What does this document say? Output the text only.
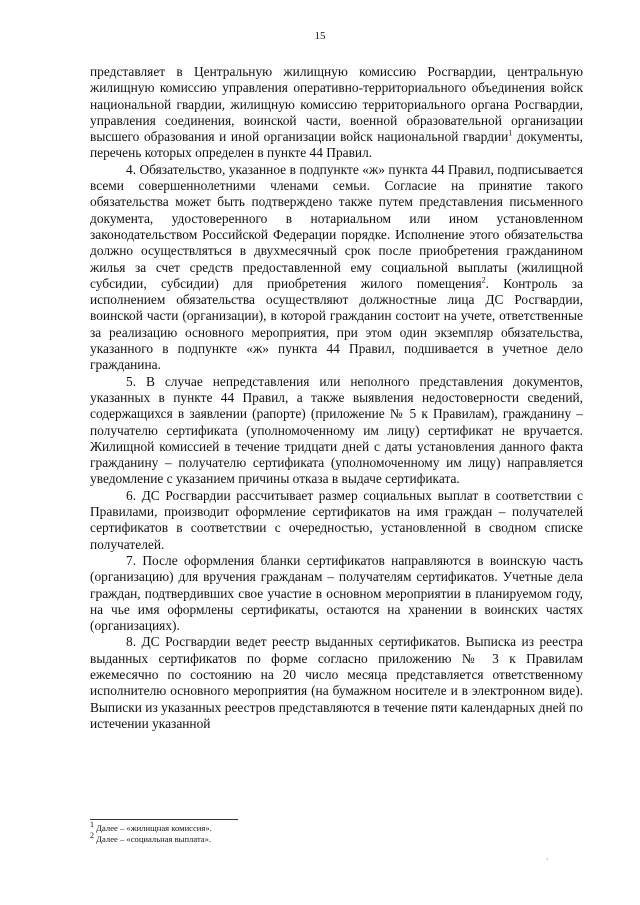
15

представляет в Центральную жилищную комиссию Росгвардии, центральную жилищную комиссию управления оперативно-территориального объединения войск национальной гвардии, жилищную комиссию территориального органа Росгвардии, управления соединения, воинской части, военной образовательной организации высшего образования и иной организации войск национальной гвардии$^1$ документы, перечень которых определен в пункте 44 Правил.

4. Обязательство, указанное в подпункте «ж» пункта 44 Правил, подписывается всеми совершеннолетними членами семьи. Согласие на принятие такого обязательства может быть подтверждено также путем представления письменного документа, удостоверенного в нотариальном или ином установленном законодательством Российской Федерации порядке. Исполнение этого обязательства должно осуществляться в двухмесячный срок после приобретения гражданином жилья за счет средств предоставленной ему социальной выплаты (жилищной субсидии, субсидии) для приобретения жилого помещения$^2$. Контроль за исполнением обязательства осуществляют должностные лица ДС Росгвардии, воинской части (организации), в которой гражданин состоит на учете, ответственные за реализацию основного мероприятия, при этом один экземпляр обязательства, указанного в подпункте «ж» пункта 44 Правил, подшивается в учетное дело гражданина.

5. В случае непредставления или неполного представления документов, указанных в пункте 44 Правил, а также выявления недостоверности сведений, содержащихся в заявлении (рапорте) (приложение № 5 к Правилам), гражданину – получателю сертификата (уполномоченному им лицу) сертификат не вручается. Жилищной комиссией в течение тридцати дней с даты установления данного факта гражданину – получателю сертификата (уполномоченному им лицу) направляется уведомление с указанием причины отказа в выдаче сертификата.

6. ДС Росгвардии рассчитывает размер социальных выплат в соответствии с Правилами, производит оформление сертификатов на имя граждан – получателей сертификатов в соответствии с очередностью, установленной в сводном списке получателей.

7. После оформления бланки сертификатов направляются в воинскую часть (организацию) для вручения гражданам – получателям сертификатов. Учетные дела граждан, подтвердивших свое участие в основном мероприятии в планируемом году, на чье имя оформлены сертификаты, остаются на хранении в воинских частях (организациях).

8. ДС Росгвардии ведет реестр выданных сертификатов. Выписка из реестра выданных сертификатов по форме согласно приложению № 3 к Правилам ежемесячно по состоянию на 20 число месяца представляется ответственному исполнителю основного мероприятия (на бумажном носителе и в электронном виде). Выписки из указанных реестров представляются в течение пяти календарных дней по истечении указанной

$^1$ Далее – «жилищная комиссия».
$^2$ Далее – «социальная выплата».
·
